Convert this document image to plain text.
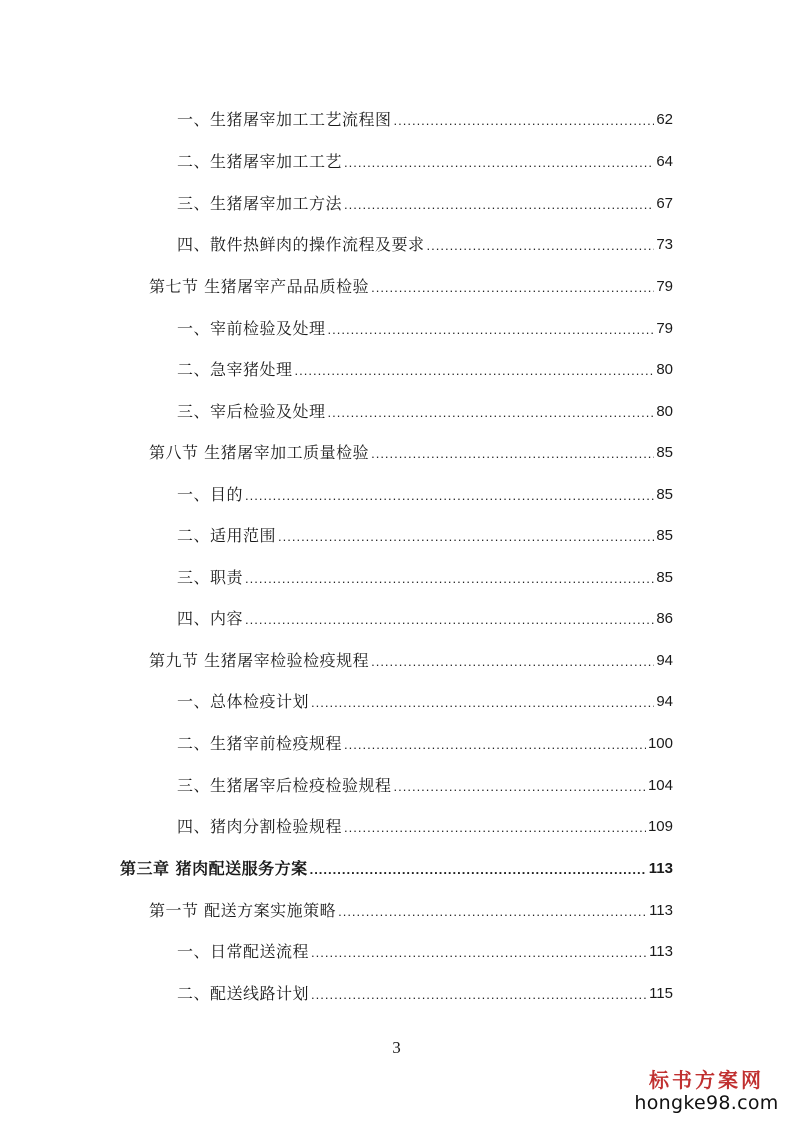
一、生猪屠宰加工工艺流程图 .....	62
二、生猪屠宰加工工艺 .....	64
三、生猪屠宰加工方法 .....	67
四、散件热鲜肉的操作流程及要求 .....	73
第七节 生猪屠宰产品品质检验 .....	79
一、宰前检验及处理 .....	79
二、急宰猪处理 .....	80
三、宰后检验及处理 .....	80
第八节 生猪屠宰加工质量检验 .....	85
一、目的 .....	85
二、适用范围 .....	85
三、职责 .....	85
四、内容 .....	86
第九节 生猪屠宰检验检疫规程 .....	94
一、总体检疫计划 .....	94
二、生猪宰前检疫规程 .....	100
三、生猪屠宰后检疫检验规程 .....	104
四、猪肉分割检验规程 .....	109
第三章 猪肉配送服务方案 .....	113
第一节 配送方案实施策略 .....	113
一、日常配送流程 .....	113
二、配送线路计划 .....	115
3
标书方案网
hongke98.com
